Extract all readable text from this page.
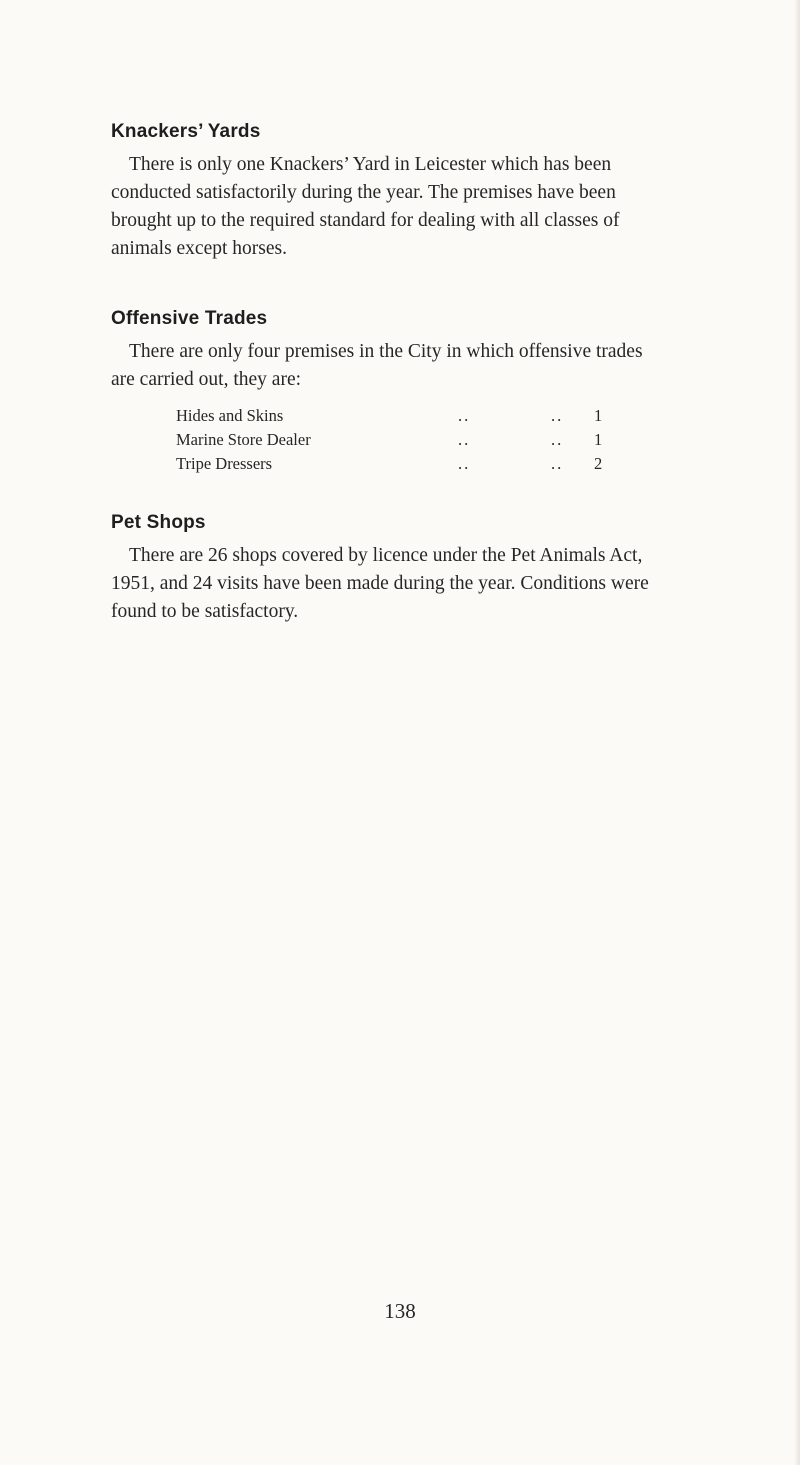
Knackers’ Yards
There is only one Knackers’ Yard in Leicester which has been
conducted satisfactorily during the year. The premises have been
brought up to the required standard for dealing with all classes of
animals except horses.
Offensive Trades
There are only four premises in the City in which offensive trades
are carried out, they are:
Hides and Skins	..	.. 1
Marine Store Dealer	..	.. 1
Tripe Dressers	..	.. 2
Pet Shops
There are 26 shops covered by licence under the Pet Animals Act,
1951, and 24 visits have been made during the year. Conditions were
found to be satisfactory.
138
